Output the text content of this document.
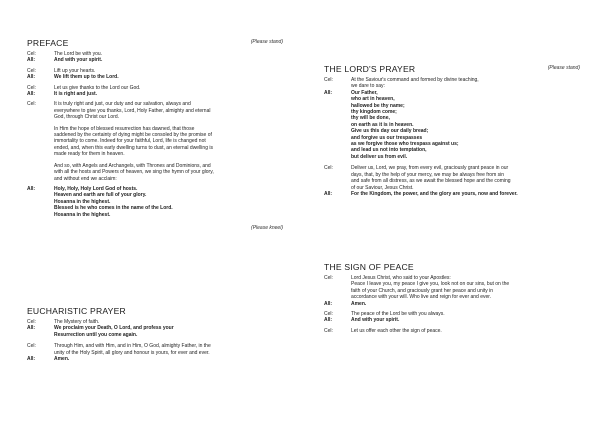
PREFACE	(Please stand)
Cel:	The Lord be with you.

All:	And with your spirit.

Cel:	Lift up your hearts.

All:	We lift them up to the Lord.

Cel:	Let us give thanks to the Lord our God.

All:	It is right and just.

Cel:	It is truly right and just, our duty and our salvation, always and
everywhere to give you thanks, Lord, Holy Father, almighty and eternal
God, through Christ our Lord.

In Him the hope of blessed resurrection has dawned, that those
saddened by the certainty of dying might be consoled by the promise of
immortality to come. Indeed for your faithful, Lord, life is changed not
ended, and, when this early dwelling turns to dust, an eternal dwelling is
made ready for them in heaven.

And so, with Angels and Archangels, with Thrones and Dominions, and
with all the hosts and Powers of heaven, we sing the hymn of your glory,
and without end we acclaim:

All:	Holy, Holy, Holy Lord God of hosts.
Heaven and earth are full of your glory.
Hosanna in the highest.
Blessed is he who comes in the name of the Lord.
Hosanna in the highest.

(Please kneel)
EUCHARISTIC PRAYER
Cel:	The Mystery of faith.

All:	We proclaim your Death, O Lord, and profess your
Resurrection until you come again.

Cel:	Through Him, and with Him, and in Him, O God, almighty Father, in the
unity of the Holy Spirit, all glory and honour is yours, for ever and ever.

All:	Amen.

THE LORD'S PRAYER	(Please stand)
Cel:	At the Saviour's command and formed by divine teaching,
we dare to say:

All:	Our Father,
who art in heaven,
hallowed be thy name;
thy kingdom come;
thy will be done,
on earth as it is in heaven.
Give us this day our daily bread;
and forgive us our trespasses
as we forgive those who trespass against us;
and lead us not into temptation,
but deliver us from evil.

Cel:	Deliver us, Lord, we pray, from every evil, graciously grant peace in our
days, that, by the help of your mercy, we may be always free from sin
and safe from all distress, as we await the blessed hope and the coming
of our Saviour, Jesus Christ.

All:	For the Kingdom, the power, and the glory are yours, now and forever.

THE SIGN OF PEACE
Cel:	Lord Jesus Christ, who said to your Apostles:
Peace I leave you, my peace I give you, look not on our sins, but on the
faith of your Church, and graciously grant her peace and unity in
accordance with your will. Who live and reign for ever and ever.

All:	Amen.

Cel:	The peace of the Lord be with you always.

All:	And with your spirit.

Cel:	Let us offer each other the sign of peace.
